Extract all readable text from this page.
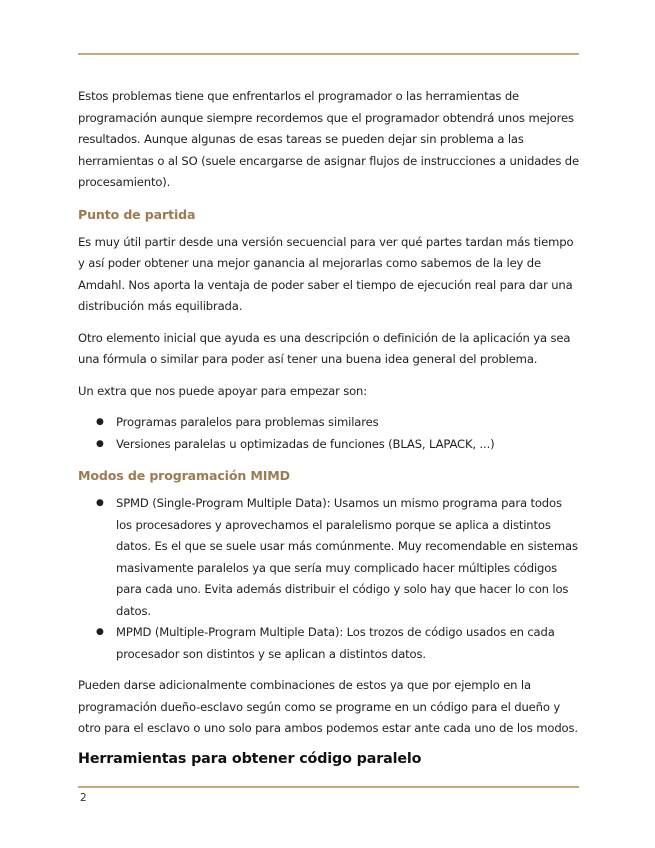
Estos problemas tiene que enfrentarlos el programador o las herramientas de programación aunque siempre recordemos que el programador obtendrá unos mejores resultados. Aunque algunas de esas tareas se pueden dejar sin problema a las herramientas o al SO (suele encargarse de asignar flujos de instrucciones a unidades de procesamiento).

Punto de partida

Es muy útil partir desde una versión secuencial para ver qué partes tardan más tiempo y así poder obtener una mejor ganancia al mejorarlas como sabemos de la ley de Amdahl. Nos aporta la ventaja de poder saber el tiempo de ejecución real para dar una distribución más equilibrada.

Otro elemento inicial que ayuda es una descripción o definición de la aplicación ya sea una fórmula o similar para poder así tener una buena idea general del problema.

Un extra que nos puede apoyar para empezar son:

● Programas paralelos para problemas similares
● Versiones paralelas u optimizadas de funciones (BLAS, LAPACK, ...)
Modos de programación MIMD
● SPMD (Single-Program Multiple Data): Usamos un mismo programa para todos los procesadores y aprovechamos el paralelismo porque se aplica a distintos datos. Es el que se suele usar más comúnmente. Muy recomendable en sistemas masivamente paralelos ya que sería muy complicado hacer múltiples códigos para cada uno. Evita además distribuir el código y solo hay que hacer lo con los datos.
● MPMD (Multiple-Program Multiple Data): Los trozos de código usados en cada procesador son distintos y se aplican a distintos datos.

Pueden darse adicionalmente combinaciones de estos ya que por ejemplo en la programación dueño-esclavo según como se programe en un código para el dueño y otro para el esclavo o uno solo para ambos podemos estar ante cada uno de los modos.

Herramientas para obtener código paralelo
2
